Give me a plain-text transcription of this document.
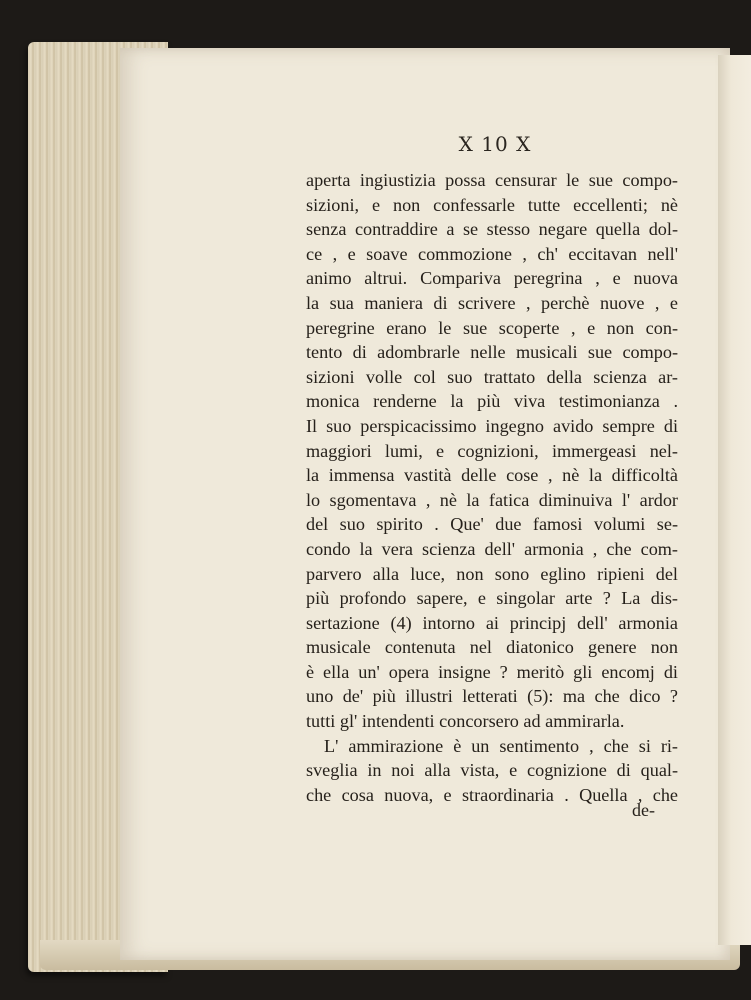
X 10 X
aperta ingiustizia possa censurar le sue compo-
sizioni, e non confessarle tutte eccellenti; nè
senza contraddire a se stesso negare quella dol-
ce , e soave commozione , ch' eccitavan nell'
animo altrui. Compariva peregrina , e nuova
la sua maniera di scrivere , perchè nuove , e
peregrine erano le sue scoperte , e non con-
tento di adombrarle nelle musicali sue compo-
sizioni volle col suo trattato della scienza ar-
monica renderne la più viva testimonianza .
Il suo perspicacissimo ingegno avido sempre di
maggiori lumi, e cognizioni, immergeasi nel-
la immensa vastità delle cose , nè la difficoltà
lo sgomentava , nè la fatica diminuiva l' ardor
del suo spirito . Que' due famosi volumi se-
condo la vera scienza dell' armonia , che com-
parvero alla luce, non sono eglino ripieni del
più profondo sapere, e singolar arte ? La dis-
sertazione (4) intorno ai principj dell' armonia
musicale contenuta nel diatonico genere non
è ella un' opera insigne ? meritò gli encomj di
uno de' più illustri letterati (5): ma che dico ?
tutti gl' intendenti concorsero ad ammirarla.
L' ammirazione è un sentimento , che si ri-
sveglia in noi alla vista, e cognizione di qual-
che cosa nuova, e straordinaria . Quella , che
de-
